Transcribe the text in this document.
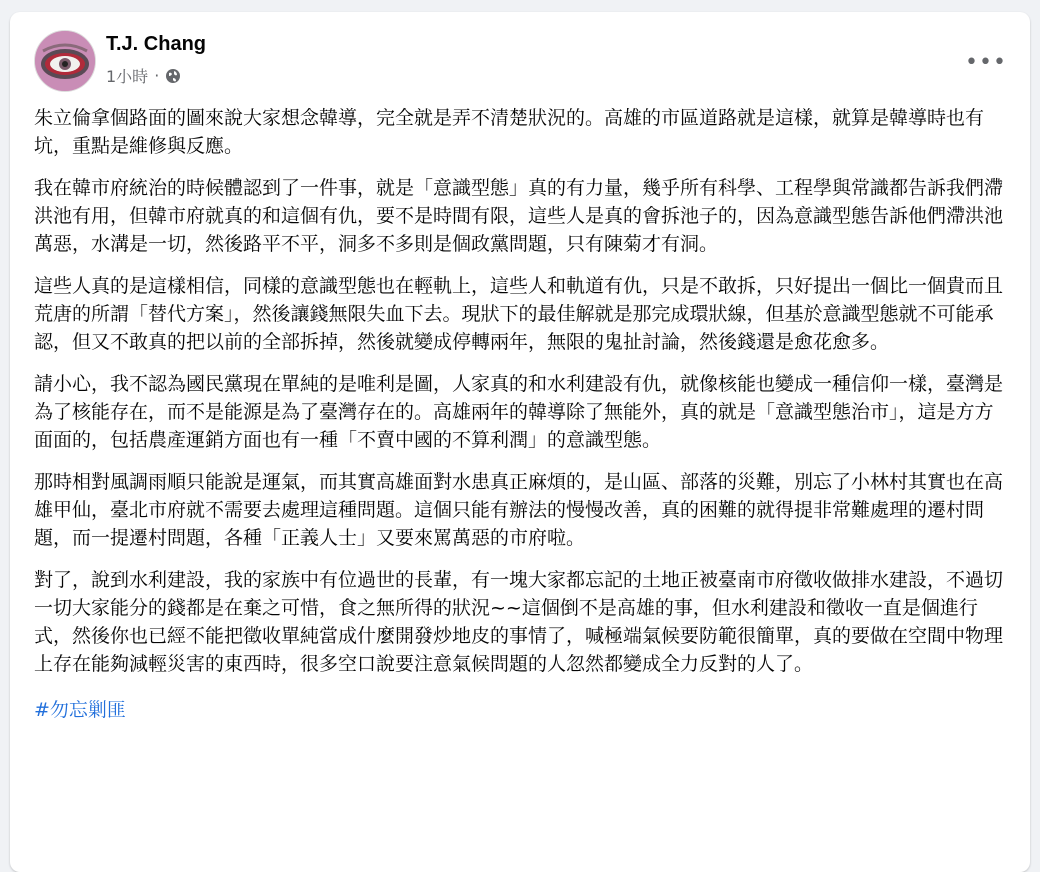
T.J. Chang
1小時 ·
•••

朱立倫拿個路面的圖來說大家想念韓導，完全就是弄不清楚狀況的。高雄的市區道路就是這樣，就算是韓導時也有坑，重點是維修與反應。

我在韓市府統治的時候體認到了一件事，就是「意識型態」真的有力量，幾乎所有科學、工程學與常識都告訴我們滯洪池有用，但韓市府就真的和這個有仇，要不是時間有限，這些人是真的會拆池子的，因為意識型態告訴他們滯洪池萬惡，水溝是一切，然後路平不平，洞多不多則是個政黨問題，只有陳菊才有洞。

這些人真的是這樣相信，同樣的意識型態也在輕軌上，這些人和軌道有仇，只是不敢拆，只好提出一個比一個貴而且荒唐的所謂「替代方案」，然後讓錢無限失血下去。現狀下的最佳解就是那完成環狀線，但基於意識型態就不可能承認，但又不敢真的把以前的全部拆掉，然後就變成停轉兩年，無限的鬼扯討論，然後錢還是愈花愈多。

請小心，我不認為國民黨現在單純的是唯利是圖，人家真的和水利建設有仇，就像核能也變成一種信仰一樣，臺灣是為了核能存在，而不是能源是為了臺灣存在的。高雄兩年的韓導除了無能外，真的就是「意識型態治市」，這是方方面面的，包括農產運銷方面也有一種「不賣中國的不算利潤」的意識型態。

那時相對風調雨順只能說是運氣，而其實高雄面對水患真正麻煩的，是山區、部落的災難，別忘了小林村其實也在高雄甲仙，臺北市府就不需要去處理這種問題。這個只能有辦法的慢慢改善，真的困難的就得提非常難處理的遷村問題，而一提遷村問題，各種「正義人士」又要來罵萬惡的市府啦。

對了，說到水利建設，我的家族中有位過世的長輩，有一塊大家都忘記的土地正被臺南市府徵收做排水建設，不過切一切大家能分的錢都是在棄之可惜，食之無所得的狀況~~這個倒不是高雄的事，但水利建設和徵收一直是個進行式，然後你也已經不能把徵收單純當成什麼開發炒地皮的事情了，喊極端氣候要防範很簡單，真的要做在空間中物理上存在能夠減輕災害的東西時，很多空口說要注意氣候問題的人忽然都變成全力反對的人了。

#勿忘剿匪
